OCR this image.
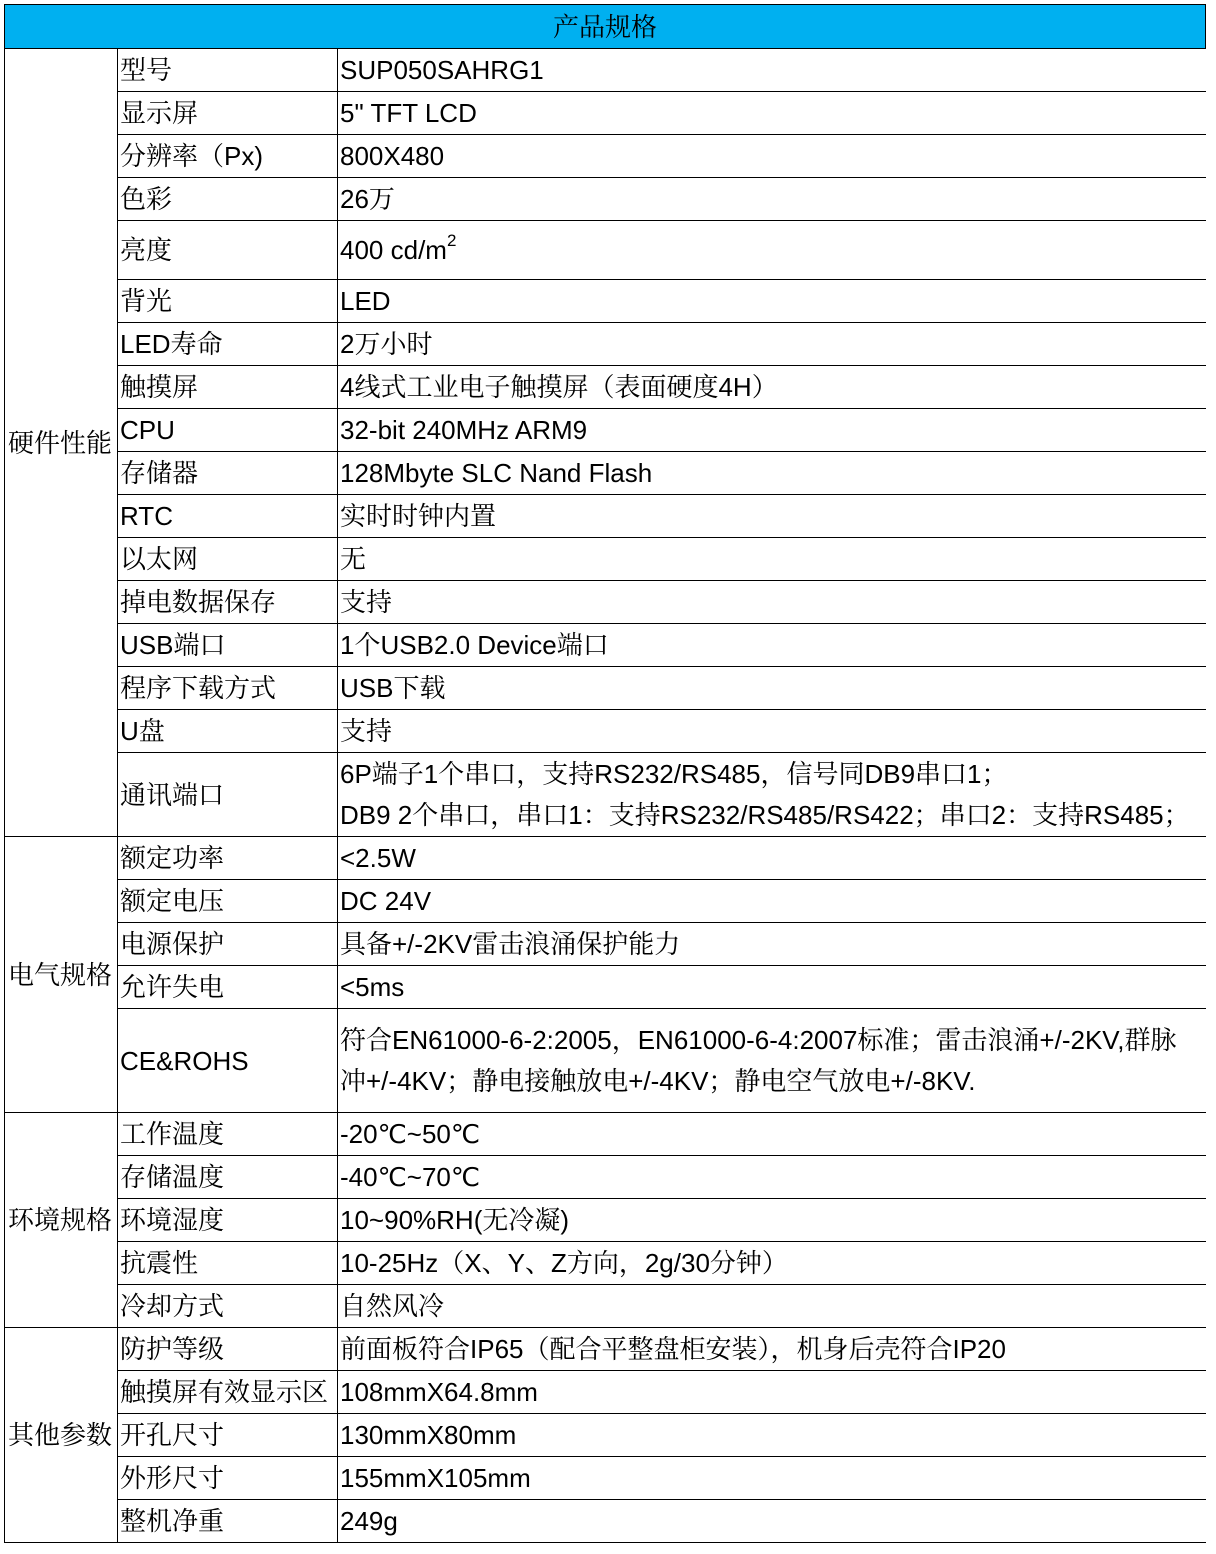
产品规格		
硬件性能	型号	SUP050SAHRG1
	显示屏	5" TFT LCD
	分辨率（Px)	800X480
	色彩	26万
	亮度	400 $cd/m^2$
	背光	LED
	LED寿命	2万小时
	触摸屏	4线式工业电子触摸屏（表面硬度4H）
	CPU	32-bit 240MHz ARM9
	存储器	128Mbyte SLC Nand Flash
	RTC	实时时钟内置
	以太网	无
	掉电数据保存	支持
	USB端口	1个USB2.0 Device端口
	程序下载方式	USB下载
	U盘	支持
	通讯端口	6P端子1个串口，支持RS232/RS485，信号同DB9串口1；
DB9 2个串口，串口1：支持RS232/RS485/RS422；串口2：支持RS485；

电气规格	额定功率	<2.5W
	额定电压	DC 24V
	电源保护	具备+/-2KV雷击浪涌保护能力
	允许失电	<5ms
	CE&ROHS	符合EN61000-6-2:2005，EN61000-6-4:2007标准；雷击浪涌+/-2KV,群脉
冲+/-4KV；静电接触放电+/-4KV；静电空气放电+/-8KV.

环境规格	工作温度	-20℃~50℃
	存储温度	-40℃~70℃
	环境湿度	10~90%RH(无冷凝)
	抗震性	10-25Hz（X、Y、Z方向，2g/30分钟）
	冷却方式	自然风冷
其他参数	防护等级	前面板符合IP65（配合平整盘柜安装），机身后壳符合IP20
	触摸屏有效显示区	108mmX64.8mm
	开孔尺寸	130mmX80mm
	外形尺寸	155mmX105mm
	整机净重	249g
